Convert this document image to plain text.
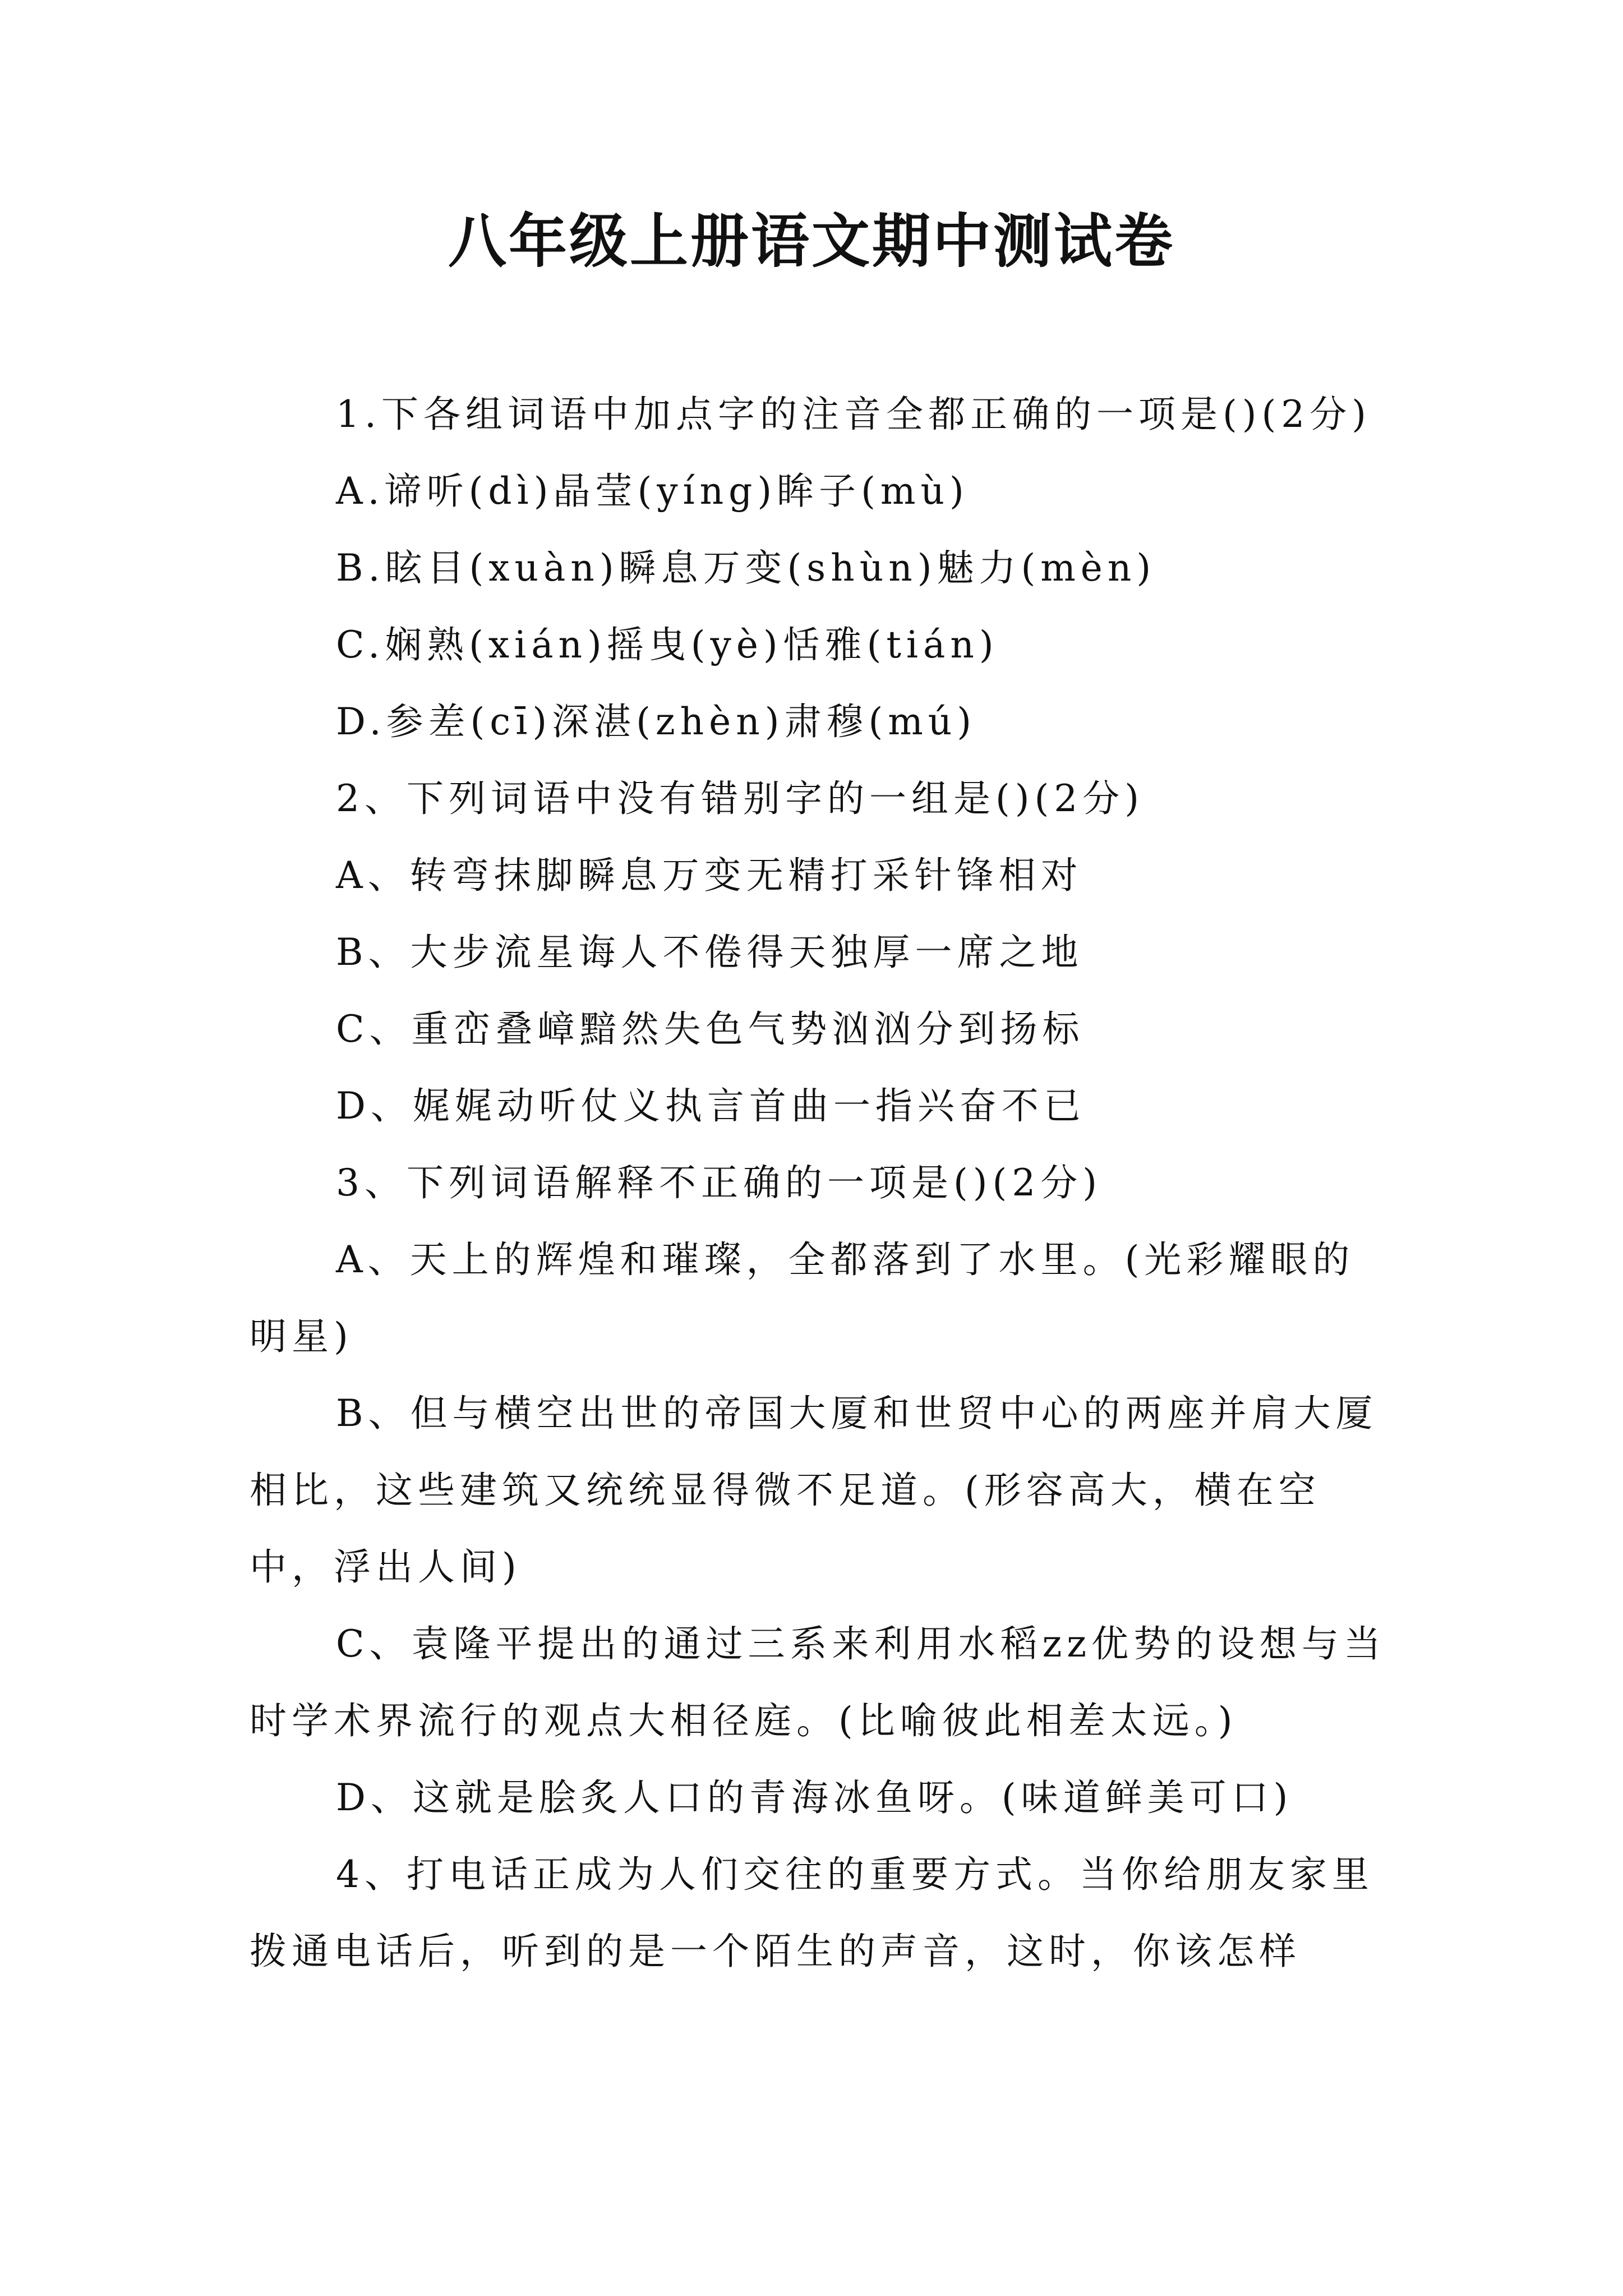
八年级上册语文期中测试卷

1.下各组词语中加点字的注音全都正确的一项是()(2分)

A.谛听(dì)晶莹(yíng)眸子(mù)

B.眩目(xuàn)瞬息万变(shùn)魅力(mèn)

C.娴熟(xián)摇曳(yè)恬雅(tián)

D.参差(cī)深湛(zhèn)肃穆(mú)

2、下列词语中没有错别字的一组是()(2分)

A、转弯抹脚瞬息万变无精打采针锋相对

B、大步流星诲人不倦得天独厚一席之地

C、重峦叠嶂黯然失色气势汹汹分到扬标

D、娓娓动听仗义执言首曲一指兴奋不已

3、下列词语解释不正确的一项是()(2分)

A、天上的辉煌和璀璨，全都落到了水里。(光彩耀眼的明星)

B、但与横空出世的帝国大厦和世贸中心的两座并肩大厦相比，这些建筑又统统显得微不足道。(形容高大，横在空中，浮出人间)

C、袁隆平提出的通过三系来利用水稻zz优势的设想与当时学术界流行的观点大相径庭。(比喻彼此相差太远。)

D、这就是脍炙人口的青海冰鱼呀。(味道鲜美可口)

4、打电话正成为人们交往的重要方式。当你给朋友家里拨通电话后，听到的是一个陌生的声音，这时，你该怎样
